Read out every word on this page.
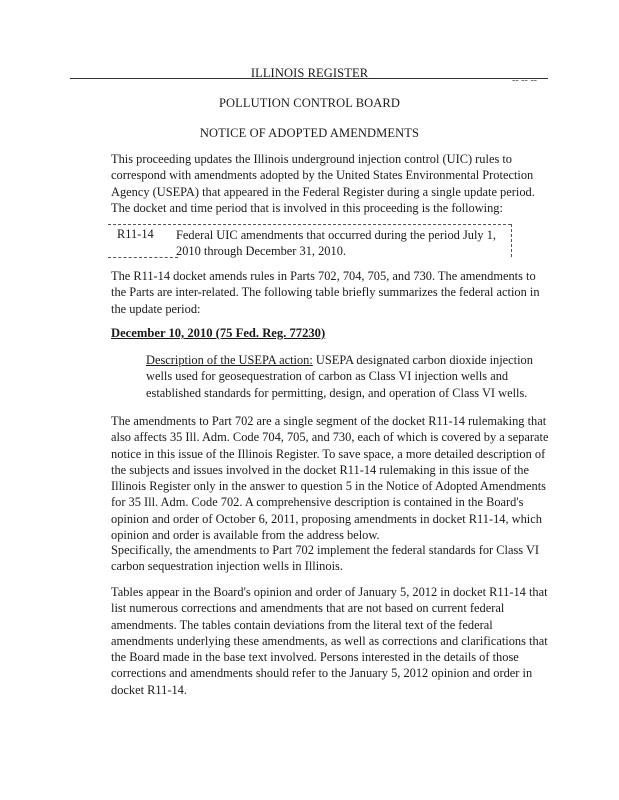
ILLINOIS REGISTER
-- -- --
POLLUTION CONTROL BOARD
NOTICE OF ADOPTED AMENDMENTS
This proceeding updates the Illinois underground injection control (UIC) rules to
correspond with amendments adopted by the United States Environmental Protection
Agency (USEPA) that appeared in the Federal Register during a single update period.
The docket and time period that is involved in this proceeding is the following:
R11-14 Federal UIC amendments that occurred during the period July 1,
2010 through December 31, 2010.
The R11-14 docket amends rules in Parts 702, 704, 705, and 730. The amendments to
the Parts are inter-related. The following table briefly summarizes the federal action in
the update period:
December 10, 2010 (75 Fed. Reg. 77230)
Description of the USEPA action: USEPA designated carbon dioxide injection
wells used for geosequestration of carbon as Class VI injection wells and
established standards for permitting, design, and operation of Class VI wells.
The amendments to Part 702 are a single segment of the docket R11-14 rulemaking that
also affects 35 Ill. Adm. Code 704, 705, and 730, each of which is covered by a separate
notice in this issue of the Illinois Register. To save space, a more detailed description of
the subjects and issues involved in the docket R11-14 rulemaking in this issue of the
Illinois Register only in the answer to question 5 in the Notice of Adopted Amendments
for 35 Ill. Adm. Code 702. A comprehensive description is contained in the Board's
opinion and order of October 6, 2011, proposing amendments in docket R11-14, which
opinion and order is available from the address below.
Specifically, the amendments to Part 702 implement the federal standards for Class VI
carbon sequestration injection wells in Illinois.
Tables appear in the Board's opinion and order of January 5, 2012 in docket R11-14 that
list numerous corrections and amendments that are not based on current federal
amendments. The tables contain deviations from the literal text of the federal
amendments underlying these amendments, as well as corrections and clarifications that
the Board made in the base text involved. Persons interested in the details of those
corrections and amendments should refer to the January 5, 2012 opinion and order in
docket R11-14.
